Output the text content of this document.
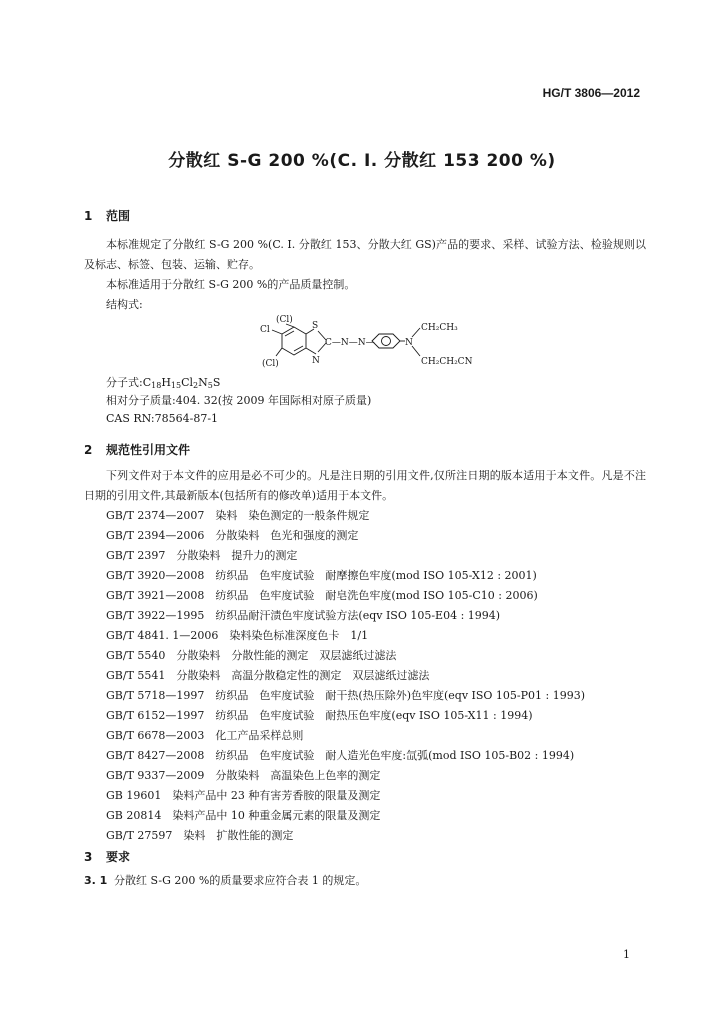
HG/T 3806—2012
分散红 S-G 200 %(C. I. 分散红 153 200 %)
1 范围
本标准规定了分散红 S-G 200 %(C. I. 分散红 153、分散大红 GS)产品的要求、采样、试验方法、检验规则以及标志、标签、包装、运输、贮存。
本标准适用于分散红 S-G 200 %的产品质量控制。
结构式:
(Cl)
Cl
(Cl)
S
N
C—N—N—	N
CH₂CH₃
CH₂CH₂CN
分子式:C18H15Cl2N5S
相对分子质量:404. 32(按 2009 年国际相对原子质量)
CAS RN:78564-87-1
2 规范性引用文件
下列文件对于本文件的应用是必不可少的。凡是注日期的引用文件,仅所注日期的版本适用于本文件。凡是不注日期的引用文件,其最新版本(包括所有的修改单)适用于本文件。
GB/T 2374—2007　染料　染色测定的一般条件规定
GB/T 2394—2006　分散染料　色光和强度的测定
GB/T 2397　分散染料　提升力的测定
GB/T 3920—2008　纺织品　色牢度试验　耐摩擦色牢度(mod ISO 105-X12 : 2001)
GB/T 3921—2008　纺织品　色牢度试验　耐皂洗色牢度(mod ISO 105-C10 : 2006)
GB/T 3922—1995　纺织品耐汗渍色牢度试验方法(eqv ISO 105-E04 : 1994)
GB/T 4841. 1—2006　染料染色标准深度色卡　1/1
GB/T 5540　分散染料　分散性能的测定　双层滤纸过滤法
GB/T 5541　分散染料　高温分散稳定性的测定　双层滤纸过滤法
GB/T 5718—1997　纺织品　色牢度试验　耐干热(热压除外)色牢度(eqv ISO 105-P01 : 1993)
GB/T 6152—1997　纺织品　色牢度试验　耐热压色牢度(eqv ISO 105-X11 : 1994)
GB/T 6678—2003　化工产品采样总则
GB/T 8427—2008　纺织品　色牢度试验　耐人造光色牢度:氙弧(mod ISO 105-B02 : 1994)
GB/T 9337—2009　分散染料　高温染色上色率的测定
GB 19601　染料产品中 23 种有害芳香胺的限量及测定
GB 20814　染料产品中 10 种重金属元素的限量及测定
GB/T 27597　染料　扩散性能的测定
3 要求
3. 1 分散红 S-G 200 %的质量要求应符合表 1 的规定。
1
